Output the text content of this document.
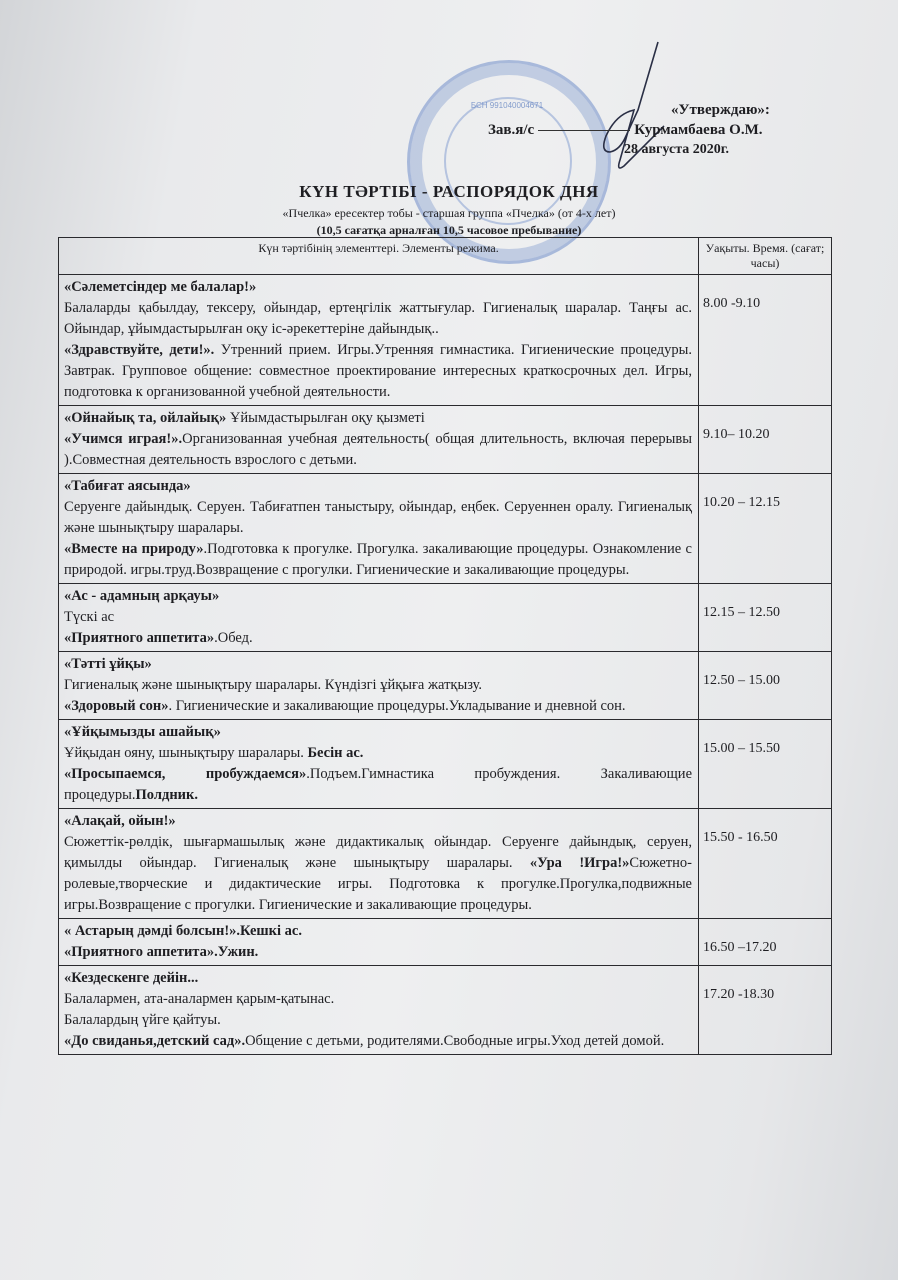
БСН 991040004671	«Утверждаю»:
Зав.я/с	Курмамбаева О.М.
28 августа 2020г.
КҮН ТӘРТІБІ - РАСПОРЯДОК ДНЯ
«Пчелка» ересектер тобы - старшая группа «Пчелка» (от 4-х лет)
(10,5 сағатқа арналған 10,5 часовое пребывание)
Күн тәртібінің элементтері. Элементы режима.	Уақыты. Время. (сағат; часы)

«Сәлеметсіндер ме балалар!»

Балаларды қабылдау, тексеру, ойындар, ертеңгілік жаттығулар. Гигиеналық шаралар. Таңғы ас. Ойындар, ұйымдастырылған оқу іс-әрекеттеріне дайындық..

«Здравствуйте, дети!». Утренний прием. Игры.Утренняя гимнастика. Гигиенические процедуры. Завтрак. Групповое общение: совместное проектирование интересных краткосрочных дел. Игры, подготовка к организованной учебной деятельности.	8.00 -9.10

«Ойнайық та, ойлайық» Ұйымдастырылған оқу қызметі

«Учимся играя!».Организованная учебная деятельность( общая длительность, включая перерывы ).Совместная деятельность взрослого с детьми.	9.10– 10.20

«Табиғат аясында»

Серуенге дайындық. Серуен. Табиғатпен таныстыру, ойындар, еңбек. Серуеннен оралу. Гигиеналық және шынықтыру шаралары.

«Вместе на природу».Подготовка к прогулке. Прогулка. закаливающие процедуры. Ознакомление с природой. игры.труд.Возвращение с прогулки. Гигиенические и закаливающие процедуры.	10.20 – 12.15

«Ас - адамның арқауы»

Түскі ас

«Приятного аппетита».Обед.	12.15 – 12.50

«Тәтті ұйқы»

Гигиеналық және шынықтыру шаралары. Күндізгі ұйқыға жатқызу.

«Здоровый сон». Гигиенические и закаливающие процедуры.Укладывание и дневной сон.	12.50 – 15.00

«Ұйқымызды ашайық»

Ұйқыдан ояну, шынықтыру шаралары. Бесін ас.

«Просыпаемся, пробуждаемся».Подъем.Гимнастика пробуждения. Закаливающие процедуры.Полдник.	15.00 – 15.50

«Алақай, ойын!»

Сюжеттік-рөлдік, шығармашылық және дидактикалық ойындар. Серуенге дайындық, серуен, қимылды ойындар. Гигиеналық және шынықтыру шаралары. «Ура !Игра!»Сюжетно-ролевые,творческие и дидактические игры. Подготовка к прогулке.Прогулка,подвижные игры.Возвращение с прогулки. Гигиенические и закаливающие процедуры.	15.50 - 16.50

« Астарың дәмді болсын!».Кешкі ас.

«Приятного аппетита».Ужин.	16.50 –17.20

«Кездескенге дейін...

Балалармен, ата-аналармен қарым-қатынас.

Балалардың үйге қайтуы.

«До свиданья,детский сад».Общение с детьми, родителями.Свободные игры.Уход детей домой.	17.20 -18.30
